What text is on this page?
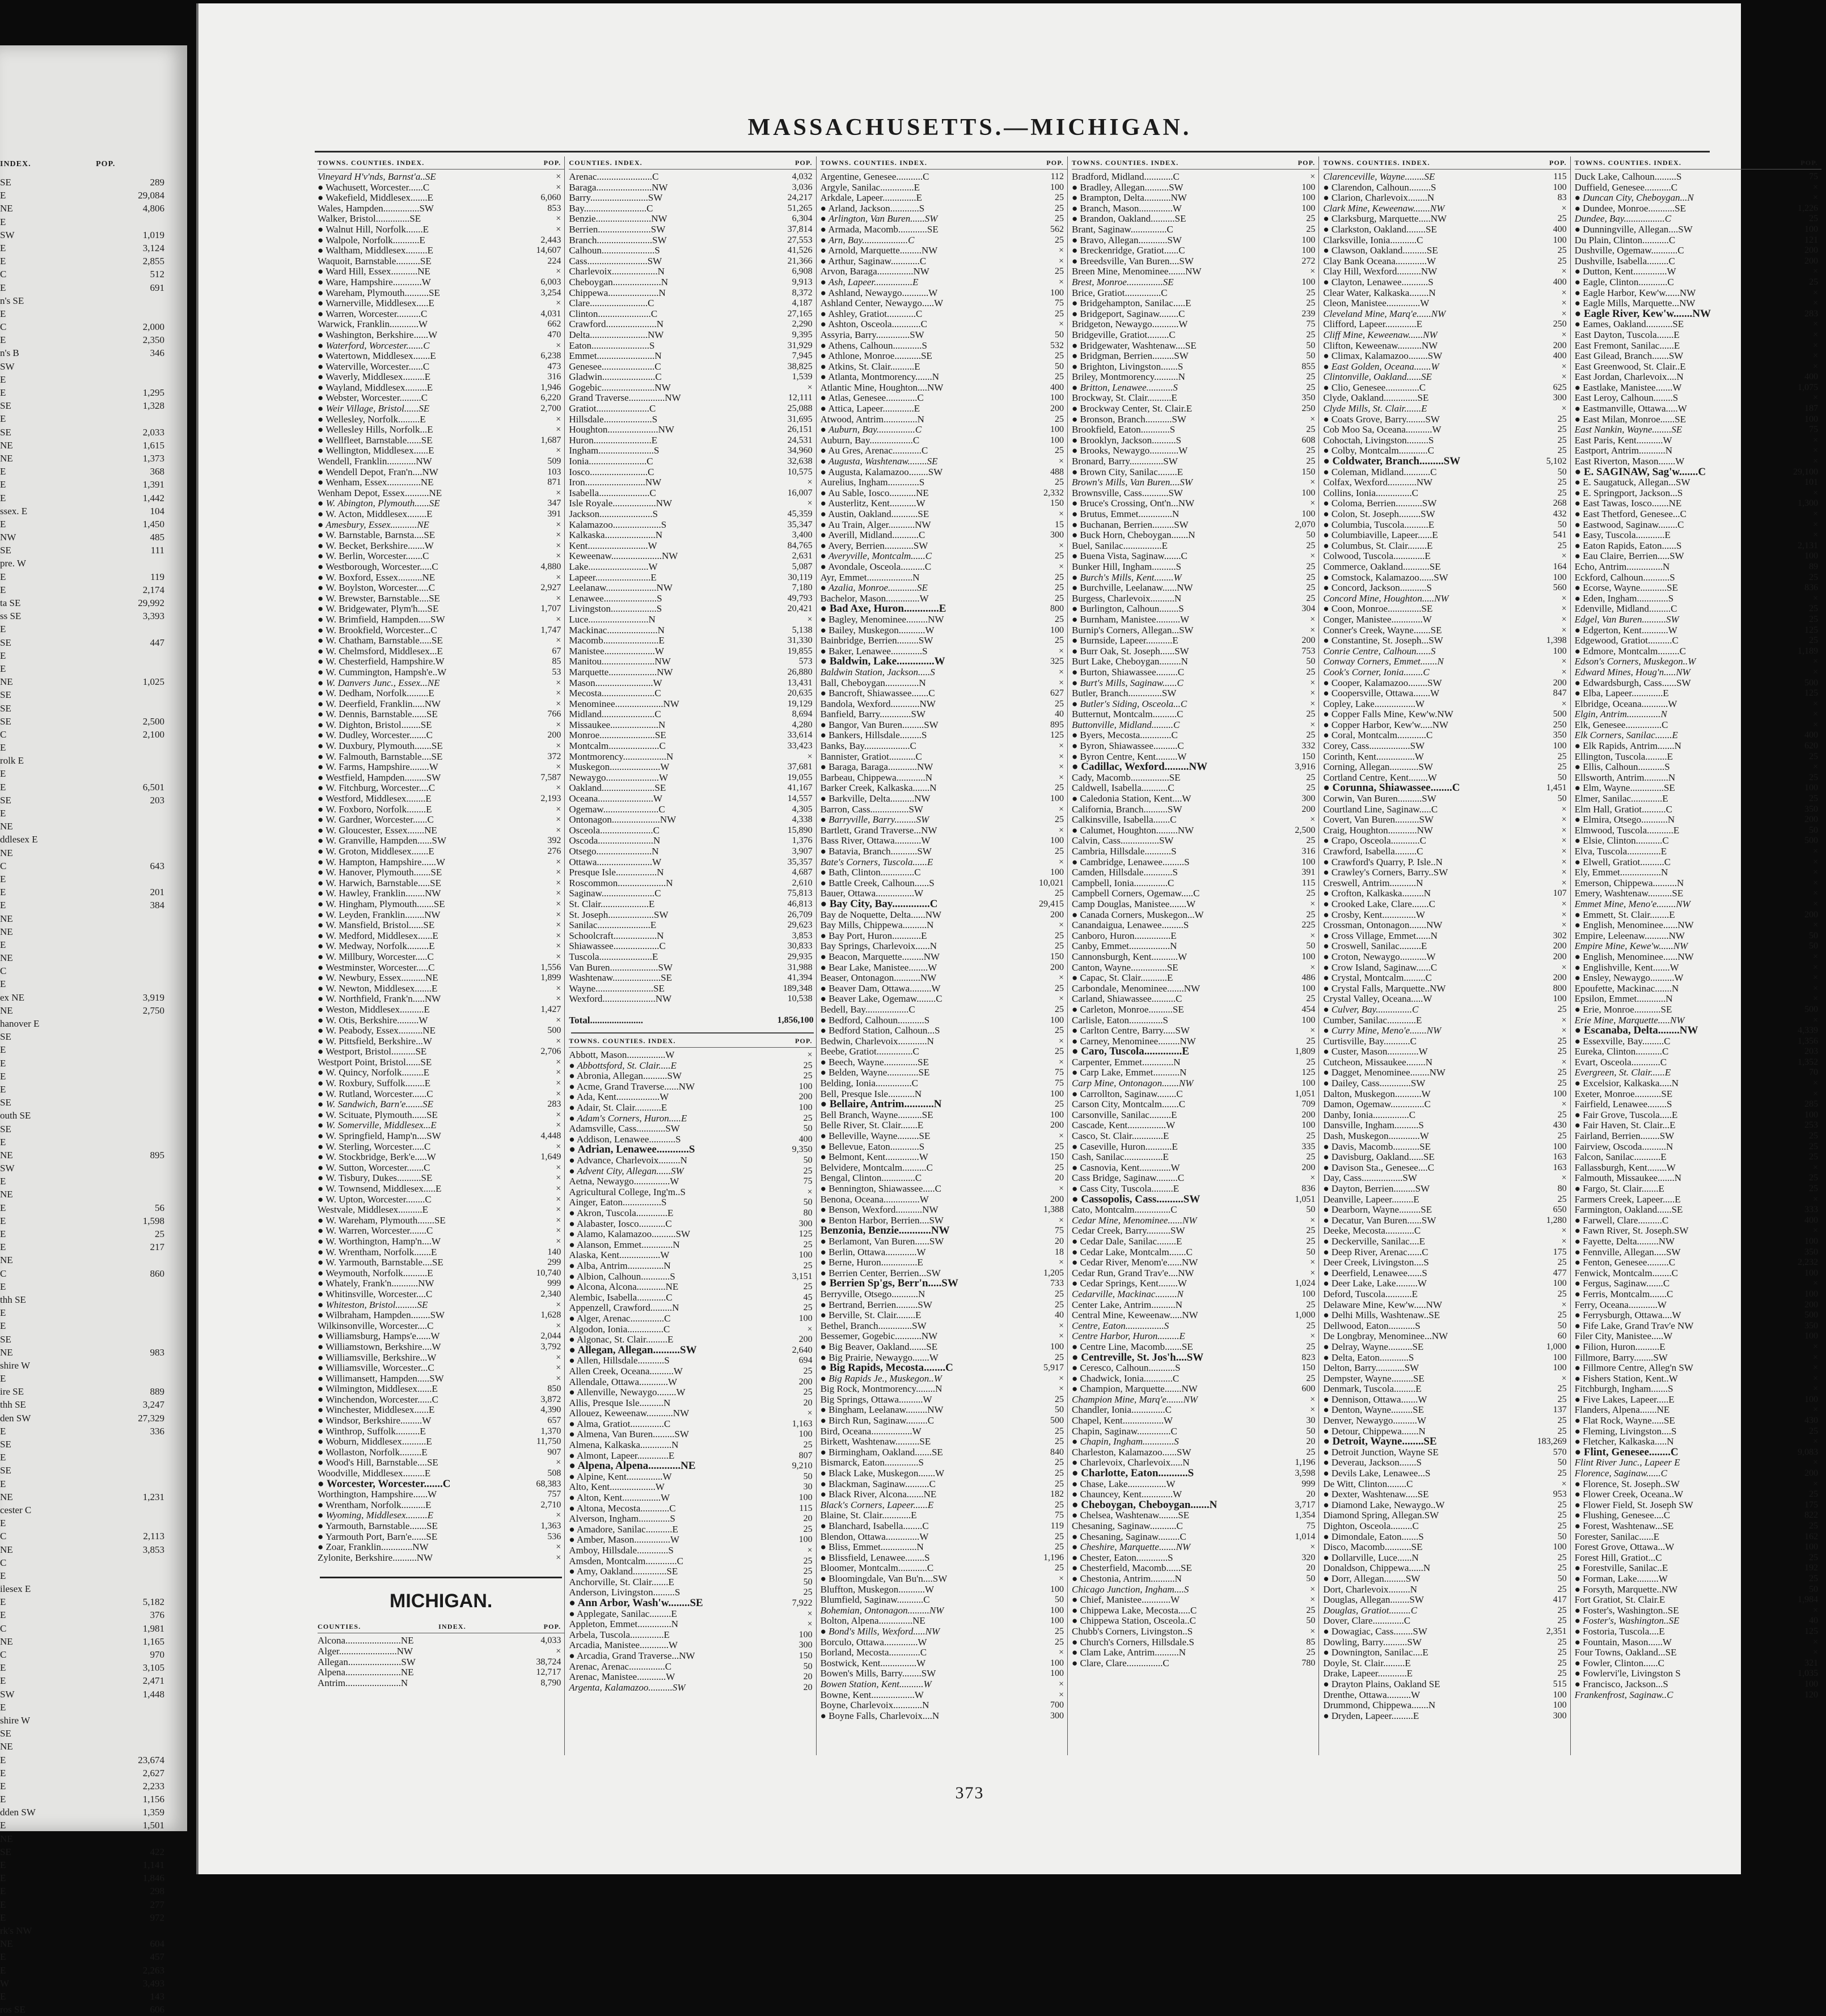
INDEX.	POP.
SE	289
E	29,084
NE	4,806
E
SW	1,019
E	3,124
E	2,855
C	512
E	691
n's SE
E
C	2,000
E	2,350
n's B	346
SW
E
E	1,295
SE	1,328
E
SE	2,033
NE	1,615
NE	1,373
E	368
E	1,391
E	1,442
ssex. E	104
E	1,450
NW	485
SE	111
pre. W
E	119
E	2,174
ta SE	29,992
ss SE	3,393
E
SE	447
E
E
NE	1,025
SE
SE
SE	2,500
C	2,100
E
rolk E
E
E	6,501
SE	203
E
NE
ddlesex E
NE
C	643
E
E	201
E	384
NE
NE
E
NE
C
E
ex NE	3,919
NE	2,750
hanover E
SE
E
E
E
E
SE
outh SE
SE
E
NE	895
SW
E
NE
E	56
E	1,598
E	25
E	217
NE
C	860
E
thh SE
E
E
SE
NE	983
shire W
E
ire SE	889
thh SE	3,247
den SW	27,329
E	336
SE
E
SE
E
NE	1,231
cester C
E
C	2,113
NE	3,853
C
E
ilesex E
E	5,182
E	376
C	1,981
NE	1,165
C	970
E	3,105
E	2,471
SW	1,448
E
shire W
SE
NE
E	23,674
E	2,627
E	2,233
E	1,156
dden SW	1,359
E	1,501
NE
SE	422
E	1,141
E	1,846
E	298
E	277
E	972
rk's NW
NE	604
E	457
E	2,263
W	3,493
E	143
ros SE	606
MASSACHUSETTS.—MICHIGAN.
TOWNS. COUNTIES. INDEX.	POP.
Vineyard H'v'nds, Barnst'a..SE	×
● Wachusett, Worcester......C	×
● Wakefield, Middlesex.......E	6,060
Wales, Hampden...............SW	853
Walker, Bristol..............SE	×
● Walnut Hill, Norfolk.......E	×
● Walpole, Norfolk...........E	2,443
● Waltham, Middlesex.........E	14,607
Waquoit, Barnstable..........SE	224
● Ward Hill, Essex...........NE	×
● Ware, Hampshire............W	6,003
● Wareham, Plymouth..........SE	3,254
● Warnerville, Middlesex.....E	×
● Warren, Worcester..........C	4,031
Warwick, Franklin............W	662
● Washington, Berkshire......W	470
● Waterford, Worcester.......C	×
● Watertown, Middlesex.......E	6,238
● Waterville, Worcester......C	473
● Waverly, Middlesex.........E	316
● Wayland, Middlesex.........E	1,946
● Webster, Worcester.........C	6,220
● Weir Village, Bristol......SE	2,700
● Wellesley, Norfolk.........E	×
● Wellesley Hills, Norfolk...E	×
● Wellfleet, Barnstable......SE	1,687
● Wellington, Middlesex......E	×
Wendell, Franklin............NW	509
● Wendell Depot, Fran'n....NW	103
● Wenham, Essex..............NE	871
Wenham Depot, Essex..........NE	×
● W. Abington, Plymouth......SE	347
● W. Acton, Middlesex........E	391
● Amesbury, Essex...........NE	×
● W. Barnstable, Barnsta....SE	×
● W. Becket, Berkshire.......W	×
● W. Berlin, Worcester.......C	×
● Westborough, Worcester.....C	4,880
● W. Boxford, Essex..........NE	×
● W. Boylston, Worcester.....C	2,927
● W. Brewster, Barnstable....SE	×
● W. Bridgewater, Plym'h....SE	1,707
● W. Brimfield, Hampden.....SW	×
● W. Brookfield, Worcester...C	1,747
● W. Chatham, Barnstable.....SE	×
● W. Chelmsford, Middlesex...E	67
● W. Chesterfield, Hampshire.W	85
● W. Cummington, Hampsh'e..W	53
● W. Danvers Junc., Essex...NE	×
● W. Dedham, Norfolk.........E	×
● W. Deerfield, Franklin.....NW	×
● W. Dennis, Barnstable......SE	766
● W. Dighton, Bristol........SE	×
● W. Dudley, Worcester.......C	200
● W. Duxbury, Plymouth.......SE	×
● W. Falmouth, Barnstable....SE	372
● W. Farms, Hampshire........W	×
● Westfield, Hampden.........SW	7,587
● W. Fitchburg, Worcester....C	×
● Westford, Middlesex........E	2,193
● W. Foxboro, Norfolk........E	×
● W. Gardner, Worcester......C	×
● W. Gloucester, Essex.......NE	×
● W. Granville, Hampden......SW	392
● W. Groton, Middlesex.......E	276
● W. Hampton, Hampshire......W	×
● W. Hanover, Plymouth.......SE	×
● W. Harwich, Barnstable.....SE	×
● W. Hawley, Franklin........NW	×
● W. Hingham, Plymouth.......SE	×
● W. Leyden, Franklin........NW	×
● W. Mansfield, Bristol......SE	×
● W. Medford, Middlesex......E	×
● W. Medway, Norfolk.........E	×
● W. Millbury, Worcester.....C	×
● Westminster, Worcester.....C	1,556
● W. Newbury, Essex..........NE	1,899
● W. Newton, Middlesex.......E	×
● W. Northfield, Frank'n.....NW	×
● Weston, Middlesex..........E	1,427
● W. Otis, Berkshire.........W	×
● W. Peabody, Essex..........NE	500
● W. Pittsfield, Berkshire...W	×
● Westport, Bristol..........SE	2,706
Westport Point, Bristol......SE	×
● W. Quincy, Norfolk.........E	×
● W. Roxbury, Suffolk........E	×
● W. Rutland, Worcester......C	×
● W. Sandwich, Barn'e.......SE	283
● W. Scituate, Plymouth......SE	×
● W. Somerville, Middlesex...E	×
● W. Springfield, Hamp'n....SW	4,448
● W. Sterling, Worcester.....C	×
● W. Stockbridge, Berk'e.....W	1,649
● W. Sutton, Worcester.......C	×
● W. Tisbury, Dukes..........SE	×
● W. Townsend, Middlesex.....E	×
● W. Upton, Worcester........C	×
Westvale, Middlesex..........E	×
● W. Wareham, Plymouth.......SE	×
● W. Warren, Worcester.......C	×
● W. Worthington, Hamp'n....W	×
● W. Wrentham, Norfolk.......E	140
● W. Yarmouth, Barnstable....SE	299
● Weymouth, Norfolk..........E	10,740
● Whately, Frank'n...........NW	999
● Whitinsville, Worcester....C	2,340
● Whiteston, Bristol.........SE	×
● Wilbraham, Hampden........SW	1,628
Wilkinsonville, Worcester....C	×
● Williamsburg, Hamps'e......W	2,044
● Williamstown, Berkshire....W	3,792
● Williamsville, Berkshire...W	×
● Williamsville, Worcester...C	×
● Willimansett, Hampden.....SW	×
● Wilmington, Middlesex......E	850
● Winchendon, Worcester......C	3,872
● Winchester, Middlesex......E	4,390
● Windsor, Berkshire.........W	657
● Winthrop, Suffolk..........E	1,370
● Woburn, Middlesex..........E	11,750
● Wollaston, Norfolk.........E	907
● Wood's Hill, Barnstable....SE	×
Woodville, Middlesex.........E	508
● Worcester, Worcester.......C	68,383
Worthington, Hampshire......W	757
● Wrentham, Norfolk..........E	2,710
● Wyoming, Middlesex.........E	×
● Yarmouth, Barnstable.......SE	1,363
● Yarmouth Port, Barn'e......SE	536
● Zoar, Franklin.............NW	×
Zylonite, Berkshire..........NW	×
MICHIGAN.
COUNTIES.	INDEX.	POP.
Alcona.......................NE	4,033
Alger........................NW	×
Allegan......................SW	38,724
Alpena.......................NE	12,717
Antrim.......................N	8,790
COUNTIES. INDEX.	POP.
Arenac.......................C	4,032
Baraga.......................NW	3,036
Barry........................SW	24,217
Bay..........................C	51,265
Benzie.......................NW	6,304
Berrien......................SW	37,814
Branch.......................SW	27,553
Calhoun......................S	41,526
Cass.........................SW	21,366
Charlevoix...................N	6,908
Cheboygan....................N	9,913
Chippewa.....................N	8,372
Clare........................C	4,187
Clinton......................C	27,165
Crawford.....................N	2,290
Delta........................NW	9,395
Eaton........................S	31,929
Emmet........................N	7,945
Genesee......................C	38,825
Gladwin......................C	1,539
Gogebic......................NW	×
Grand Traverse...............NW	12,111
Gratiot......................C	25,088
Hillsdale....................S	31,695
Houghton.....................NW	26,151
Huron........................E	24,531
Ingham.......................S	34,960
Ionia........................C	32,638
Iosco........................C	10,575
Iron.........................NW	×
Isabella.....................C	16,007
Isle Royale..................NW	×
Jackson......................S	45,359
Kalamazoo....................S	35,347
Kalkaska.....................N	3,400
Kent.........................W	84,765
Keweenaw.....................NW	2,631
Lake.........................W	5,087
Lapeer.......................E	30,119
Leelanaw.....................NW	7,180
Lenawee......................S	49,793
Livingston...................S	20,421
Luce.........................N	×
Mackinac.....................N	5,138
Macomb.......................E	31,330
Manistee.....................W	19,855
Manitou......................NW	573
Marquette....................NW	26,880
Mason........................W	13,431
Mecosta......................C	20,635
Menominee....................NW	19,129
Midland......................C	8,694
Missaukee....................N	4,280
Monroe.......................SE	33,614
Montcalm.....................C	33,423
Montmorency..................N	×
Muskegon.....................W	37,681
Newaygo......................W	19,055
Oakland......................SE	41,167
Oceana.......................W	14,557
Ogemaw.......................C	4,305
Ontonagon....................NW	4,338
Osceola......................C	15,890
Oscoda.......................N	1,376
Otsego.......................N	3,907
Ottawa.......................W	35,357
Presque Isle.................N	4,687
Roscommon....................N	2,610
Saginaw......................C	75,813
St. Clair....................E	46,813
St. Joseph...................SW	26,709
Sanilac......................E	29,623
Schoolcraft..................N	3,853
Shiawassee...................C	30,833
Tuscola......................E	29,935
Van Buren....................SW	31,988
Washtenaw....................SE	41,394
Wayne........................SE	189,348
Wexford......................NW	10,538
Total......................	1,856,100
TOWNS. COUNTIES. INDEX.	POP.
Abbott, Mason................W	×
● Abbottsford, St. Clair.....E	25
● Abronia, Allegan..........SW	25
● Acme, Grand Traverse......NW	100
● Ada, Kent..................W	200
● Adair, St. Clair...........E	100
● Adam's Corners, Huron.....E	25
Adamsville, Cass............SW	50
● Addison, Lenawee...........S	400
● Adrian, Lenawee............S	9,350
● Advance, Charlevoix.........N	50
● Advent City, Allegan......SW	25
Aetna, Newaygo...............W	75
Agricultural College, Ing'm..S	×
Ainger, Eaton................S	50
● Akron, Tuscola.............E	80
● Alabaster, Iosco...........C	300
● Alamo, Kalamazoo..........SW	125
● Alanson, Emmet.............N	25
Alaska, Kent.................W	100
● Alba, Antrim...............N	25
● Albion, Calhoun............S	3,151
● Alcona, Alcona............NE	25
Alembic, Isabella............C	45
Appenzell, Crawford.........N	25
● Alger, Arenac..............C	100
Algodon, Ionia...............C	×
● Algonac, St. Clair.........E	200
● Allegan, Allegan..........SW	2,640
● Allen, Hillsdale...........S	694
Allen Creek, Oceana..........W	25
Allendale, Ottawa............W	200
● Allenville, Newaygo........W	25
Allis, Presque Isle..........N	20
Allouez, Keweenaw...........NW	×
● Alma, Gratiot..............C	1,163
● Almena, Van Buren.........SW	100
Almena, Kalkaska.............N	25
● Almont, Lapeer.............E	807
● Alpena, Alpena............NE	9,210
● Alpine, Kent...............W	50
Alto, Kent...................W	30
● Alton, Kent................W	100
● Altona, Mecosta............C	115
Alverson, Ingham.............S	20
● Amadore, Sanilac...........E	25
● Amber, Mason...............W	100
Amboy, Hillsdale.............S	×
Amsden, Montcalm.............C	25
● Amy, Oakland..............SE	25
Anchorville, St. Clair.......E	50
Anderson, Livingston.........S	25
● Ann Arbor, Wash'w........SE	7,922
● Applegate, Sanilac.........E	×
Appleton, Emmet..............N	×
Arbela, Tuscola..............E	100
Arcadia, Manistee............W	300
● Arcadia, Grand Traverse...NW	150
Arenac, Arenac...............C	50
Arenac, Manistee............W	20
Argenta, Kalamazoo..........SW	20
TOWNS. COUNTIES. INDEX.	POP.
Argentine, Genesee...........C	112
Argyle, Sanilac..............E	100
Arkdale, Lapeer..............E	25
● Arland, Jackson............S	25
● Arlington, Van Buren......SW	25
● Armada, Macomb............SE	562
● Arn, Bay...................C	25
● Arnold, Marquette.........NW	×
● Arthur, Saginaw............C	×
Arvon, Baraga...............NW	25
● Ash, Lapeer................E	×
● Ashland, Newaygo...........W	100
Ashland Center, Newaygo.....W	75
● Ashley, Gratiot............C	25
● Ashton, Osceola............C	×
Assyria, Barry..............SW	50
● Athens, Calhoun............S	532
● Athlone, Monroe...........SE	25
● Atkins, St. Clair..........E	50
● Atlanta, Montmorency.......N	25
Atlantic Mine, Houghton....NW	400
● Atlas, Genesee.............C	100
● Attica, Lapeer.............E	200
Atwood, Antrim..............N	25
● Auburn, Bay................C	100
Auburn, Bay..................C	100
● Au Gres, Arenac............C	25
● Augusta, Washtenaw........SE	×
● Augusta, Kalamazoo........SW	488
Aurelius, Ingham.............S	25
● Au Sable, Iosco...........NE	2,332
● Austerlitz, Kent...........W	150
● Austin, Oakland...........SE	×
● Au Train, Alger...........NW	15
● Averill, Midland...........C	300
● Avery, Berrien............SW	×
● Averyville, Montcalm......C	25
● Avondale, Osceola..........C	×
Ayr, Emmet...................N	25
● Azalia, Monroe............SE	25
Bachelor, Mason..............W	25
● Bad Axe, Huron.............E	800
● Bagley, Menominee.........NW	25
● Bailey, Muskegon...........W	100
Bainbridge, Berrien.........SW	25
● Baker, Lenawee.............S	×
● Baldwin, Lake..............W	325
Baldwin Station, Jackson.....S	×
Ball, Cheboygan..............N	×
● Bancroft, Shiawassee.......C	627
Bandola, Wexford............NW	25
Banfield, Barry.............SW	40
● Bangor, Van Buren.........SW	895
● Bankers, Hillsdale.........S	125
Banks, Bay...................C	×
Bannister, Gratiot...........C	×
● Baraga, Baraga............NW	×
Barbeau, Chippewa............N	×
Barker Creek, Kalkaska.......N	25
● Barkville, Delta..........NW	100
Barron, Cass................SW	×
● Barryville, Barry.........SW	25
Bartlett, Grand Traverse...NW	×
Bass River, Ottawa...........W	100
● Batavia, Branch...........SW	25
Bate's Corners, Tuscola......E	×
● Bath, Clinton..............C	100
● Battle Creek, Calhoun......S	10,021
Bauer, Ottawa................W	25
● Bay City, Bay..............C	29,415
Bay de Noquette, Delta......NW	200
Bay Mills, Chippewa..........N	×
● Bay Port, Huron............E	25
Bay Springs, Charlevoix......N	25
● Beacon, Marquette.........NW	150
● Bear Lake, Manistee........W	200
Beaser, Ontonagon...........NW	×
● Beaver Dam, Ottawa.........W	25
● Beaver Lake, Ogemaw........C	×
Bedell, Bay..................C	25
● Bedford, Calhoun...........S	100
● Bedford Station, Calhoun...S	25
Bedwin, Charlevoix............N	×
Beebe, Gratiot...............C	25
● Beech, Wayne..............SE	×
● Belden, Wayne.............SE	75
Belding, Ionia...............C	75
Bell, Presque Isle...........N	100
● Bellaire, Antrim...........N	25
Bell Branch, Wayne..........SE	100
Belle River, St. Clair.......E	200
● Belleville, Wayne.........SE	×
● Bellevue, Eaton............S	25
● Belmont, Kent..............W	150
Belvidere, Montcalm..........C	25
Bengal, Clinton..............C	20
● Bennington, Shiawassee.....C	×
Benona, Oceana...............W	200
● Benson, Wexford...........NW	1,388
● Benton Harbor, Berrien....SW	×
Benzonia, Benzie............NW	75
● Berlamont, Van Buren......SW	20
● Berlin, Ottawa.............W	18
● Berne, Huron...............E	×
● Berrien Center, Berrien...SW	1,205
● Berrien Sp'gs, Berr'n.....SW	733
Berryville, Otsego...........N	25
● Bertrand, Berrien.........SW	25
● Berville, St. Clair........E	40
Bethel, Branch..............SW	×
Bessemer, Gogebic...........NW	×
● Big Beaver, Oakland.......SE	100
● Big Prairie, Newaygo.......W	25
● Big Rapids, Mecosta........C	5,917
● Big Rapids Je., Muskegon..W	×
Big Rock, Montmorency........N	×
Big Springs, Ottawa..........W	25
● Bingham, Leelanaw.........NW	50
● Birch Run, Saginaw.........C	500
Bird, Oceana.................W	25
Birkett, Washtenaw..........SE	25
● Birmingham, Oakland.......SE	840
Bismarck, Eaton..............S	25
● Black Lake, Muskegon.......W	25
● Blackman, Saginaw..........C	25
● Black River, Alcona.......NE	182
Black's Corners, Lapeer......E	25
Blaine, St. Clair............E	75
● Blanchard, Isabella........C	119
Blendon, Ottawa..............W	25
● Bliss, Emmet...............N	25
● Blissfield, Lenawee........S	1,196
Bloomer, Montcalm............C	25
● Bloomingdale, Van Bu'n....SW	×
Bluffton, Muskegon...........W	100
Blumfield, Saginaw...........C	50
Bohemian, Ontonagon.........NW	100
Bolton, Alpena..............NE	100
● Bond's Mills, Wexford.....NW	25
Borculo, Ottawa..............W	25
Borland, Mecosta.............C	×
Bostwick, Kent...............W	100
Bowen's Mills, Barry........SW	100
Bowen Station, Kent..........W	×
Bowne, Kent..................W	×
Boyne, Charlevoix............N	700
● Boyne Falls, Charlevoix....N	300
TOWNS. COUNTIES. INDEX.	POP.
Bradford, Midland............C	×
● Bradley, Allegan..........SW	100
● Brampton, Delta...........NW	100
● Branch, Mason..............W	100
● Brandon, Oakland..........SE	25
Brant, Saginaw...............C	25
● Bravo, Allegan............SW	100
● Breckenridge, Gratiot......C	100
● Breedsville, Van Buren....SW	272
Breen Mine, Menominee.......NW	×
Brest, Monroe...............SE	100
Brice, Gratiot...............C	25
● Bridgehampton, Sanilac.....E	25
● Bridgeport, Saginaw........C	239
Bridgeton, Newaygo...........W	75
Bridgeville, Gratiot.........C	25
● Bridgewater, Washtenaw....SE	50
● Bridgman, Berrien.........SW	50
● Brighton, Livingston.......S	855
Briley, Montmorency..........N	25
● Britton, Lenawee...........S	25
Brockway, St. Clair..........E	350
● Brockway Center, St. Clair.E	250
● Bronson, Branch...........SW	×
Brookfield, Eaton............S	25
● Brooklyn, Jackson..........S	608
● Brooks, Newaygo............W	25
Bronard, Barry..............SW	25
● Brown City, Sanilac........E	150
Brown's Mills, Van Buren....SW	×
Brownsville, Cass...........SW	100
● Bruce's Crossing, Ont'n...NW	×
● Brutus, Emmet..............N	100
● Buchanan, Berrien.........SW	2,070
● Buck Horn, Cheboygan.......N	50
Buel, Sanilac................E	25
● Buena Vista, Saginaw.......C	×
Bunker Hill, Ingham..........S	25
● Burch's Mills, Kent........W	25
● Burchville, Leelanaw......NW	25
Burgess, Charlevoix..........N	25
● Burlington, Calhoun........S	304
● Burnham, Manistee..........W	×
Burnip's Corners, Allegan...SW	×
● Burnside, Lapeer...........E	200
● Burr Oak, St. Joseph......SW	753
Burt Lake, Cheboygan.........N	50
● Burton, Shiawassee.........C	25
● Burt's Mills, Saginaw......C	×
Butler, Branch..............SW	×
● Butler's Siding, Osceola...C	×
Butternut, Montcalm..........C	25
Buttonville, Midland.........C	×
● Byers, Mecosta.............C	25
● Byron, Shiawassee..........C	332
● Byron Centre, Kent.........W	150
● Cadillac, Wexford.........NW	3,916
Cady, Macomb................SE	25
Caldwell, Isabella...........C	25
● Caledonia Station, Kent....W	300
California, Branch..........SW	200
Calkinsville, Isabella.......C	×
● Calumet, Houghton.........NW	2,500
Calvin, Cass................SW	25
Cambria, Hillsdale...........S	316
● Cambridge, Lenawee.........S	100
Camden, Hillsdale............S	391
Campbell, Ionia..............C	115
Campbell Corners, Ogemaw.....C	25
Camp Douglas, Manistee.......W	×
● Canada Corners, Muskegon...W	25
Canandaigua, Lenawee.........S	225
Canboro, Huron...............E	×
Canby, Emmet.................N	50
Cannonsburgh, Kent...........W	100
Canton, Wayne...............SE	×
● Capac, St. Clair...........E	486
Carbondale, Menominee.......NW	100
Carland, Shiawassee..........C	25
● Carleton, Monroe..........SE	454
Carlisle, Eaton..............S	100
● Carlton Centre, Barry.....SW	×
● Carney, Menominee.........NW	25
● Caro, Tuscola..............E	1,809
Carpenter, Emmet.............N	25
● Carp Lake, Emmet...........N	125
Carp Mine, Ontonagon.......NW	100
● Carrollton, Saginaw........C	1,051
Carson City, Montcalm.......C	709
Carsonville, Sanilac.........E	200
Cascade, Kent................W	100
Casco, St. Clair.............E	25
● Caseville, Huron...........E	335
Cash, Sanilac................E	25
● Casnovia, Kent.............W	200
Cass Bridge, Saginaw.........C	×
● Cass City, Tuscola.........E	836
● Cassopolis, Cass..........SW	1,051
Cato, Montcalm...............C	50
Cedar Mine, Menominee......NW	×
Cedar Creek, Barry..........SW	25
● Cedar Dale, Sanilac........E	25
● Cedar Lake, Montcalm.......C	50
● Cedar River, Menom'e......NW	×
Cedar Run, Grand Trav'e....NW	×
● Cedar Springs, Kent........W	1,024
Cedarville, Mackinac.........N	100
Center Lake, Antrim..........N	25
Central Mine, Keweenaw.....NW	1,000
Centre, Eaton................S	25
Centre Harbor, Huron.........E	×
● Centre Line, Macomb.......SE	25
● Centreville, St. Jos'h....SW	823
● Ceresco, Calhoun...........S	150
● Chadwick, Ionia............C	25
● Champion, Marquette.......NW	600
Champion Mine, Marq'e.......NW	×
Chandler, Ionia..............C	×
Chapel, Kent.................W	30
Chapin, Saginaw..............C	50
● Chapin, Ingham.............S	20
Charleston, Kalamazoo......SW	25
● Charlevoix, Charlevoix.....N	1,196
● Charlotte, Eaton...........S	3,598
● Chase, Lake................W	999
● Chauncey, Kent.............W	20
● Cheboygan, Cheboygan.......N	3,717
● Chelsea, Washtenaw........SE	1,354
Chesaning, Saginaw...........C	75
● Chesaning, Saginaw.........C	1,014
● Cheshire, Marquette.......NW	×
● Chester, Eaton.............S	320
● Chesterfield, Macomb......SE	20
● Chestonia, Antrim..........N	50
Chicago Junction, Ingham....S	×
● Chief, Manistee............W	×
● Chippewa Lake, Mecosta.....C	25
● Chippewa Station, Osceola..C	50
Chubb's Corners, Livingston..S	×
● Church's Corners, Hillsdale.S	85
● Clam Lake, Antrim..........N	25
● Clare, Clare...............C	780
TOWNS. COUNTIES. INDEX.	POP.
Clarenceville, Wayne........SE	115
● Clarendon, Calhoun.........S	100
● Clarion, Charlevoix........N	83
Clark Mine, Keweenaw.......NW	×
● Clarksburg, Marquette.....NW	25
● Clarkston, Oakland........SE	400
Clarksville, Ionia...........C	100
● Clawson, Oakland..........SE	25
Clay Bank Oceana.............W	25
Clay Hill, Wexford..........NW	×
● Clayton, Lenawee...........S	400
Clear Water, Kalkaska........N	×
Cleon, Manistee..............W	×
Cleveland Mine, Marq'e......NW	×
Clifford, Lapeer.............E	250
Cliff Mine, Keweenaw......NW	×
Clifton, Keweenaw..........NW	200
● Climax, Kalamazoo........SW	400
● East Golden, Oceana.......W	×
Clintonville, Oakland......SE	×
● Clio, Genesee..............C	625
Clyde, Oakland..............SE	300
Clyde Mills, St. Clair.......E	×
● Coats Grove, Barry........SW	25
Cob Moo Sa, Oceana...........W	25
Cohoctah, Livingston.........S	25
● Colby, Montcalm............C	25
● Coldwater, Branch.........SW	5,102
● Coleman, Midland...........C	50
Colfax, Wexford............NW	25
Collins, Ionia...............C	25
● Coloma, Berrien...........SW	268
● Colon, St. Joseph.........SW	432
● Columbia, Tuscola..........E	50
● Columbiaville, Lapeer......E	541
● Columbus, St. Clair........E	25
Colwood, Tuscola.............E	×
Commerce, Oakland...........SE	164
● Comstock, Kalamazoo......SW	100
● Concord, Jackson...........S	560
Concord Mine, Houghton.....NW	×
● Coon, Monroe..............SE	×
Conger, Manistee.............W	×
Conner's Creek, Wayne.......SE	×
● Constantine, St. Joseph...SW	1,398
Conrie Centre, Calhoun......S	100
Conway Corners, Emmet.......N	×
Cook's Corner, Ionia........C	×
● Cooper, Kalamazoo........SW	200
● Coopersville, Ottawa.......W	847
Copley, Lake.................W	×
● Copper Falls Mine, Kew'w.NW	500
● Copper Harbor, Kew'w.....NW	250
● Coral, Montcalm............C	350
Corey, Cass.................SW	100
Corinth, Kent................W	25
Corning, Allegan............SW	25
Cortland Centre, Kent........W	50
● Corunna, Shiawassee........C	1,451
Corwin, Van Buren..........SW	50
Courtland Line, Saginaw.....C	×
Covert, Van Buren..........SW	×
Craig, Houghton............NW	×
● Crapo, Osceola............C	×
Crawford, Isabella.........C	×
● Crawford's Quarry, P. Isle..N	×
● Crawley's Corners, Barry..SW	×
Creswell, Antrim...........N	×
● Crofton, Kalkaska.........N	107
● Crooked Lake, Clare.......C	×
● Crosby, Kent..............W	×
Crossman, Ontonagon.......NW	×
● Cross Village, Emmet......N	302
● Croswell, Sanilac.........E	200
● Croton, Newaygo...........W	200
● Crow Island, Saginaw......C	×
● Crystal, Montcalm.........C	200
● Crystal Falls, Marquette..NW	800
Crystal Valley, Oceana.....W	100
● Culver, Bay...............C	25
Cumber, Sanilac............E	×
● Curry Mine, Meno'e.......NW	×
Curtisville, Bay...........C	25
● Custer, Mason.............W	25
Cutcheon, Missaukee........N	×
● Dagget, Menominee........NW	25
● Dailey, Cass.............SW	25
Dalton, Muskegon...........W	100
Damon, Ogemaw..............C	×
Danby, Ionia...............C	25
Dansville, Ingham..........S	430
Dash, Muskegon.............W	25
● Davis, Macomb...........SE	100
● Davisburg, Oakland......SE	163
● Davison Sta., Genesee....C	163
Day, Cass.................SW	×
● Dayton, Berrien.........SW	80
Deanville, Lapeer.........E	25
● Dearborn, Wayne.........SE	650
● Decatur, Van Buren......SW	1,280
Deeke, Mecosta............C	×
● Deckerville, Sanilac....E	×
● Deep River, Arenac......C	175
Deer Creek, Livingston....S	25
● Deerfield, Lenawee......S	477
● Deer Lake, Lake.........W	100
Deford, Tuscola...........E	25
Delaware Mine, Kew'w.....NW	×
● Delhi Mills, Washtenaw..SE	25
Dellwood, Eaton...........S	50
De Longbray, Menominee...NW	60
● Delray, Wayne..........SE	1,000
● Delta, Eaton............S	100
Delton, Barry............SW	100
Dempster, Wayne.........SE	×
Denmark, Tuscola.........E	25
● Dennison, Ottawa.......W	25
● Denton, Wayne.........SE	137
Denver, Newaygo..........W	25
● Detour, Chippewa.......N	25
● Detroit, Wayne........SE	183,269
● Detroit Junction, Wayne SE	570
● Deverau, Jackson.......S	50
● Devils Lake, Lenawee...S	25
De Witt, Clinton........C	×
● Dexter, Washtenaw.....SE	953
● Diamond Lake, Newaygo..W	25
Diamond Spring, Allegan.SW	25
Dighton, Osceola.........C	25
● Dimondale, Eaton.......S	50
Disco, Macomb...........SE	100
● Dollarville, Luce......N	25
Donaldson, Chippewa......N	25
● Dorr, Allegan.........SW	50
Dort, Charlevoix.........N	25
Douglas, Allegan........SW	417
Douglas, Gratiot.........C	25
Dover, Clare.............C	25
● Dowagiac, Cass........SW	2,351
Dowling, Barry..........SW	25
● Downington, Sanilac....E	25
Doyle, St. Clair.........E	25
Drake, Lapeer............E	25
● Drayton Plains, Oakland SE	515
Drenthe, Ottawa..........W	100
Drummond, Chippewa.......N	100
● Dryden, Lapeer.........E	300
TOWNS. COUNTIES. INDEX.	POP.
Duck Lake, Calhoun.........S	75
Duffield, Genesee...........C	×
● Duncan City, Cheboygan...N	×
● Dundee, Monroe...........SE	1,226
Dundee, Bay.................C	25
● Dunningville, Allegan....SW	100
Du Plain, Clinton...........C	121
Dushville, Ogemaw...........C	200
Dushville, Isabella.........C	200
● Dutton, Kent..............W	×
● Eagle, Clinton............C	25
● Eagle Harbor, Kew'w......NW	×
● Eagle Mills, Marquette...NW	×
● Eagle River, Kew'w.......NW	283
● Eames, Oakland...........SE	×
East Dayton, Tuscola.......E	×
East Fremont, Sanilac......E	×
East Gilead, Branch.......SW	×
East Greenwood, St. Clair..E	×
East Jordan, Charlevoix....N	400
● Eastlake, Manistee.......W	1,075
East Leroy, Calhoun........S	×
● Eastmanville, Ottawa.....W	187
● East Milan, Monroe......SE	100
East Nankin, Wayne........SE	75
East Paris, Kent...........W	×
Eastport, Antrim...........N	×
East Riverton, Mason.......W	×
● E. SAGINAW, Sag'w.......C	29,100
● E. Saugatuck, Allegan...SW	101
● E. Springport, Jackson...S	×
● East Tawas, Iosco.......NE	1,300
● East Thetford, Genesee...C	×
● Eastwood, Saginaw........C	×
● Easy, Tuscola............E	×
● Eaton Rapids, Eaton......S	2,131
● Eau Claire, Berrien.....SW	100
Echo, Antrim...............N	89
Eckford, Calhoun...........S	25
● Ecorse, Wayne...........SE	836
● Eden, Ingham.............S	×
Edenville, Midland.........C	25
Edgel, Van Buren..........SW	25
● Edgerton, Kent...........W	125
Edgewood, Gratiot..........C	25
● Edmore, Montcalm.........C	1,189
Edson's Corners, Muskegon..W	×
Edward Mines, Houg'n.....NW	×
● Edwardsburgh, Cass......SW	500
● Elba, Lapeer.............E	125
Elbridge, Oceana...........W	×
Elgin, Antrim..............N	×
Elk, Genesee...............C	×
Elk Corners, Sanilac.......E	400
● Elk Rapids, Antrim.......N	620
Ellington, Tuscola.........E	25
● Ellis, Calhoun...........S	×
Ellsworth, Antrim..........N	25
● Elm, Wayne..............SE	100
Elmer, Sanilac.............E	25
Elm Hall, Gratiot..........C	350
● Elmira, Otsego...........N	200
Elmwood, Tuscola...........E	50
● Elsie, Clinton...........C	500
Elva, Tuscola..............E	×
● Elwell, Gratiot..........C	×
Ely, Emmet.................N	×
Emerson, Chippewa..........N	×
Emery, Washtenaw..........SE	×
Emmet Mine, Meno'e........NW	×
● Emmett, St. Clair........E	200
● English, Menominee......NW	×
Empire, Leleenaw..........NW	50
Empire Mine, Kewe'w......NW	50
● English, Menominee......NW	×
● Englishville, Kent.......W	×
● Ensley, Newaygo..........W	×
Epoufette, Mackinac.......N	×
Epsilon, Emmet............N	×
● Erie, Monroe...........SE	500
Erie Mine, Marquette.....NW	×
● Escanaba, Delta........NW	4,339
● Essexville, Bay.........C	1,356
Eureka, Clinton...........C	203
Evart, Osceola............C	1,352
Evergreen, St. Clair......E	70
● Excelsior, Kalkaska.....N	×
Exeter, Monroe...........SE	×
Fairfield, Lenawee........S	285
● Fair Grove, Tuscola.....E	100
● Fair Haven, St. Clair...E	253
Fairland, Berrien........SW	25
Fairview, Oscoda..........N	25
Falcon, Sanilac...........E	25
Fallassburgh, Kent........W	×
Falmouth, Missaukee.......N	25
● Fargo, St. Clair.......E	25
Farmers Creek, Lapeer.....E	×
Farmington, Oakland......SE	333
● Farwell, Clare..........C	400
● Fawn River, St. Joseph.SW	×
● Fayette, Delta.........NW	100
● Fennville, Allegan.....SW	350
● Fenton, Genesee.........C	2,232
Fenwick, Montcalm........C	100
● Fergus, Saginaw.......C	×
● Ferris, Montcalm.......C	100
Ferry, Oceana............W	200
● Ferrysburgh, Ottawa....W	500
● Fife Lake, Grand Trav'e NW	350
Filer City, Manistee.....W	100
● Filion, Huron..........E	×
Fillmore, Barry........SW	×
● Fillmore Centre, Alleg'n SW	×
● Fishers Station, Kent..W	×
Fitchburgh, Ingham.......S	×
● Five Lakes, Lapeer.....E	100
Flanders, Alpena.......NE	×
● Flat Rock, Wayne.....SE	430
● Fleming, Livingston....S	25
● Fletcher, Kalkaska.....N	×
● Flint, Genesee........C	9,083
Flint River Junc., Lapeer E	×
Florence, Saginaw......C	200
● Florence, St. Joseph..SW	×
● Flower Creek, Oceana..W	25
● Flower Field, St. Joseph SW	175
● Flushing, Genesee....C	822
● Forest, Washtenaw...SE	25
Forester, Sanilac......E	162
Forest Grove, Ottawa...W	100
Forest Hill, Gratiot...C	25
● Forestville, Sanilac..E	192
● Forman, Lake.........W	25
● Forsyth, Marquette..NW	50
Fort Gratiot, St. Clair.E	1,984
● Foster's, Washington..SE	×
● Foster's, Washington..SE	40
● Fostoria, Tuscola....E	125
● Fountain, Mason......W	×
Four Towns, Oakland...SE	×
● Fowler, Clinton......C	321
● Fowlervi'le, Livingston S	1,035
● Francisco, Jackson...S	100
Frankenfrost, Saginaw..C	120
373
